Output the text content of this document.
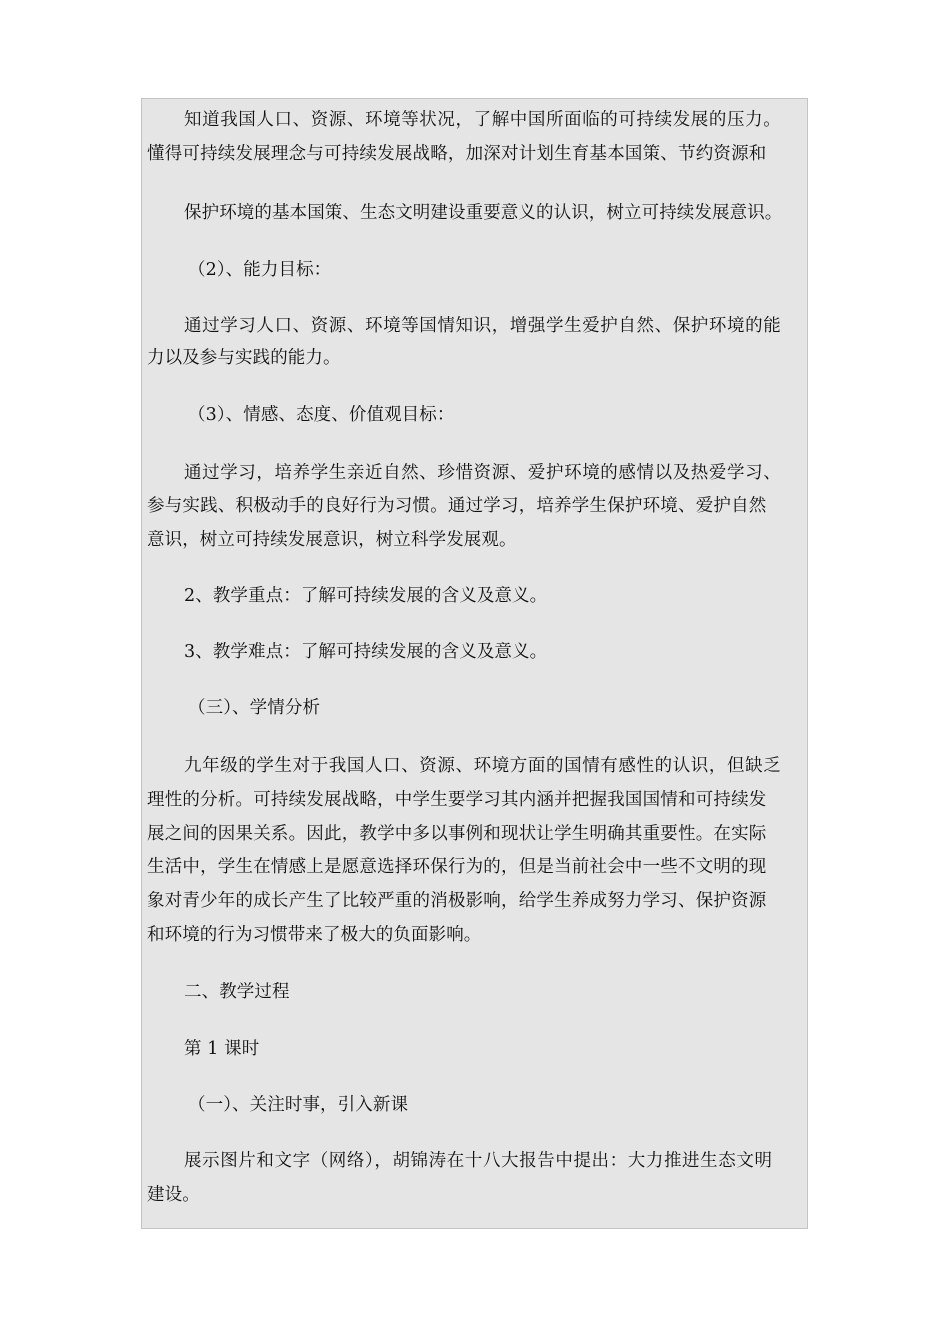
知道我国人口、资源、环境等状况，了解中国所面临的可持续发展的压力。
懂得可持续发展理念与可持续发展战略，加深对计划生育基本国策、节约资源和
保护环境的基本国策、生态文明建设重要意义的认识，树立可持续发展意识。
（2）、能力目标：
通过学习人口、资源、环境等国情知识，增强学生爱护自然、保护环境的能
力以及参与实践的能力。
（3）、情感、态度、价值观目标：
通过学习，培养学生亲近自然、珍惜资源、爱护环境的感情以及热爱学习、
参与实践、积极动手的良好行为习惯。通过学习，培养学生保护环境、爱护自然
意识，树立可持续发展意识，树立科学发展观。
2、教学重点：了解可持续发展的含义及意义。
3、教学难点：了解可持续发展的含义及意义。
（三）、学情分析
九年级的学生对于我国人口、资源、环境方面的国情有感性的认识，但缺乏
理性的分析。可持续发展战略，中学生要学习其内涵并把握我国国情和可持续发
展之间的因果关系。因此，教学中多以事例和现状让学生明确其重要性。在实际
生活中，学生在情感上是愿意选择环保行为的，但是当前社会中一些不文明的现
象对青少年的成长产生了比较严重的消极影响，给学生养成努力学习、保护资源
和环境的行为习惯带来了极大的负面影响。
二、教学过程
第 1 课时
（一）、关注时事，引入新课
展示图片和文字（网络），胡锦涛在十八大报告中提出：大力推进生态文明
建设。
